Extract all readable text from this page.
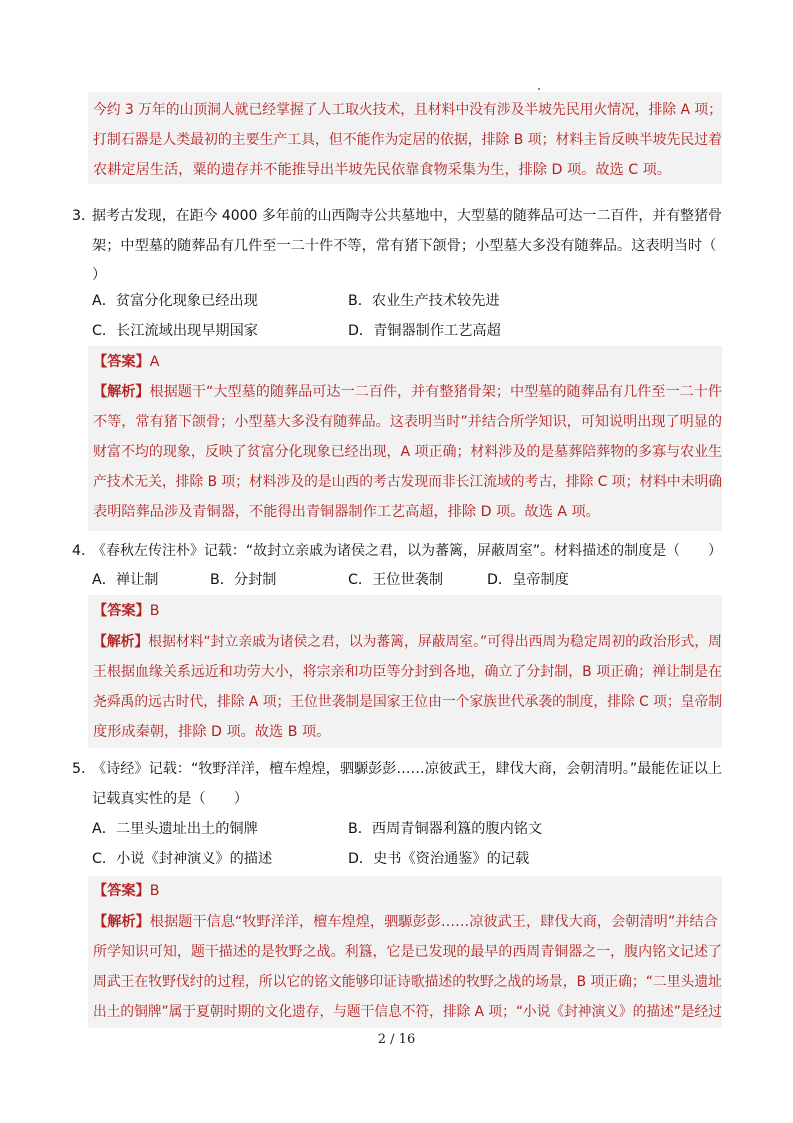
今约 3 万年的山顶洞人就已经掌握了人工取火技术，且材料中没有涉及半坡先民用火情况，排除 A 项；
打制石器是人类最初的主要生产工具，但不能作为定居的依据，排除 B 项；材料主旨反映半坡先民过着
农耕定居生活，粟的遗存并不能推导出半坡先民依靠食物采集为生，排除 D 项。故选 C 项。
3．
据考古发现，在距今 4000 多年前的山西陶寺公共墓地中，大型墓的随葬品可达一二百件，并有整猪骨
架；中型墓的随葬品有几件至一二十件不等，常有猪下颌骨；小型墓大多没有随葬品。这表明当时（
）
A．贫富分化现象已经出现	B．农业生产技术较先进
C．长江流域出现早期国家	D．青铜器制作工艺高超
【答案】A
【解析】根据题干“大型墓的随葬品可达一二百件，并有整猪骨架；中型墓的随葬品有几件至一二十件
不等，常有猪下颌骨；小型墓大多没有随葬品。这表明当时”并结合所学知识，可知说明出现了明显的
财富不均的现象，反映了贫富分化现象已经出现，A 项正确；材料涉及的是墓葬陪葬物的多寡与农业生
产技术无关，排除 B 项；材料涉及的是山西的考古发现而非长江流域的考古，排除 C 项；材料中未明确
表明陪葬品涉及青铜器，不能得出青铜器制作工艺高超，排除 D 项。故选 A 项。
4．
《春秋左传注朴》记载：“故封立亲戚为诸侯之君，以为蕃篱，屏蔽周室”。材料描述的制度是（　　）
A．禅让制	B．分封制	C．王位世袭制	D．皇帝制度
【答案】B
【解析】根据材料“封立亲戚为诸侯之君，以为蕃篱，屏蔽周室。”可得出西周为稳定周初的政治形式，周
王根据血缘关系远近和功劳大小，将宗亲和功臣等分封到各地，确立了分封制，B 项正确；禅让制是在
尧舜禹的远古时代，排除 A 项；王位世袭制是国家王位由一个家族世代承袭的制度，排除 C 项；皇帝制
度形成秦朝，排除 D 项。故选 B 项。
5．
《诗经》记载：“牧野洋洋，檀车煌煌，驷騵彭彭……凉彼武王，肆伐大商，会朝清明。”最能佐证以上
记载真实性的是（　　）
A．二里头遗址出土的铜牌	B．西周青铜器利簋的腹内铭文
C．小说《封神演义》的描述	D．史书《资治通鉴》的记载
【答案】B
【解析】根据题干信息“牧野洋洋，檀车煌煌，驷騵彭彭……凉彼武王，肆伐大商，会朝清明”并结合
所学知识可知，题干描述的是牧野之战。利簋，它是已发现的最早的西周青铜器之一，腹内铭文记述了
周武王在牧野伐纣的过程，所以它的铭文能够印证诗歌描述的牧野之战的场景，B 项正确；“二里头遗址
出土的铜牌”属于夏朝时期的文化遗存，与题干信息不符，排除 A 项；“小说《封神演义》的描述”是经过
2 / 16
